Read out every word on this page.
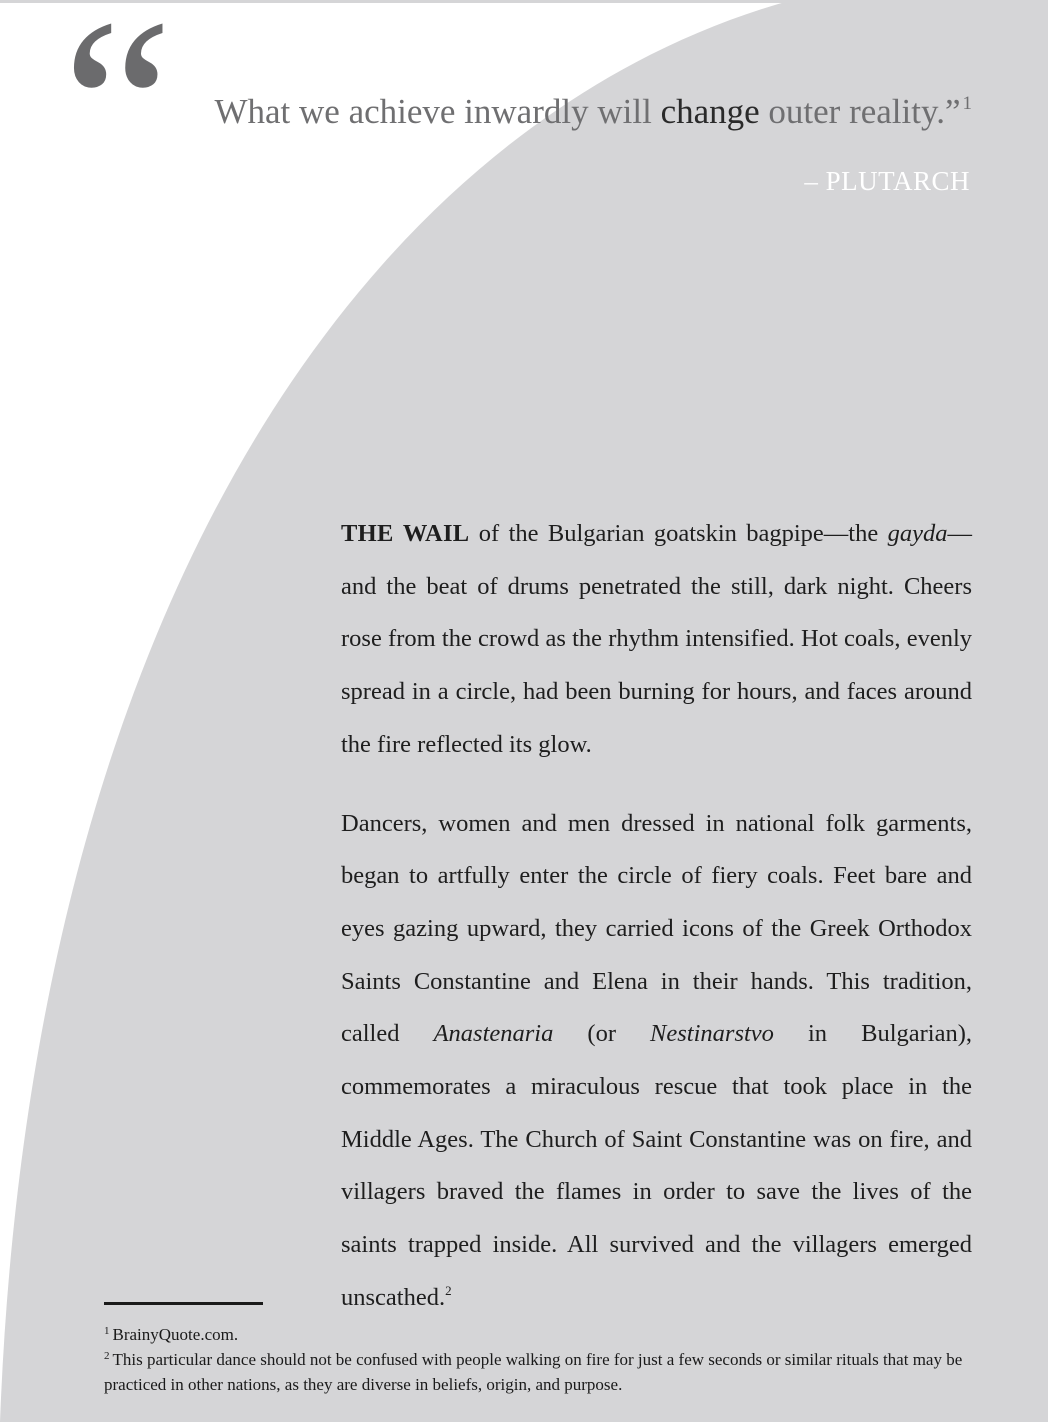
“ What we achieve inwardly will change outer reality.” $^1$
– PLUTARCH

THE WAIL of the Bulgarian goatskin bagpipe—the gayda—and the beat of drums penetrated the still, dark night. Cheers rose from the crowd as the rhythm intensified. Hot coals, evenly spread in a circle, had been burning for hours, and faces around the fire reflected its glow.

Dancers, women and men dressed in national folk garments, began to artfully enter the circle of fiery coals. Feet bare and eyes gazing upward, they carried icons of the Greek Orthodox Saints Constantine and Elena in their hands. This tradition, called Anastenaria (or Nestinarstvo in Bulgarian), commemorates a miraculous rescue that took place in the Middle Ages. The Church of Saint Constantine was on fire, and villagers braved the flames in order to save the lives of the saints trapped inside. All survived and the villagers emerged unscathed.$^2$

$^1$ BrainyQuote.com.

$^2$ This particular dance should not be confused with people walking on fire for just a few seconds or similar rituals that may be practiced in other nations, as they are diverse in beliefs, origin, and purpose.
